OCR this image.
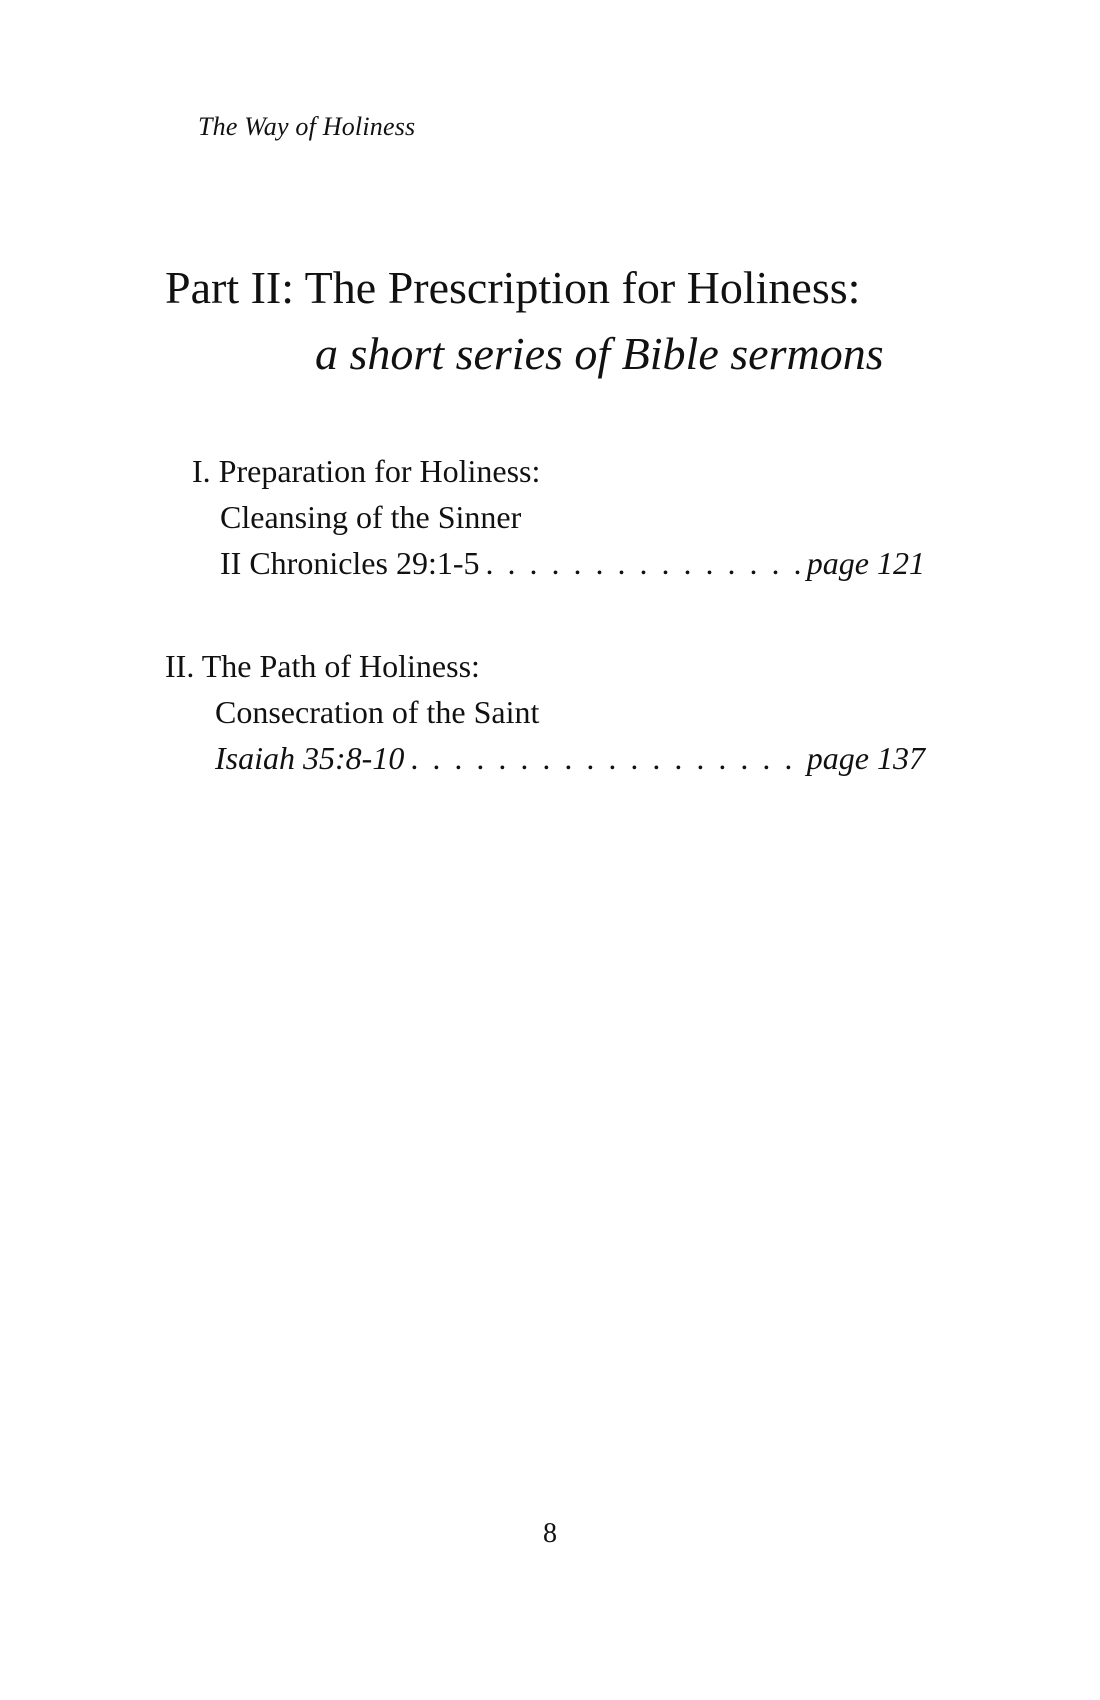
The Way of Holiness
Part II: The Prescription for Holiness:
a short series of Bible sermons
I. Preparation for Holiness:
Cleansing of the Sinner
II Chronicles 29:1-5 . . .	page 121
II. The Path of Holiness:
Consecration of the Saint
Isaiah 35:8-10 . . .	page 137
8
